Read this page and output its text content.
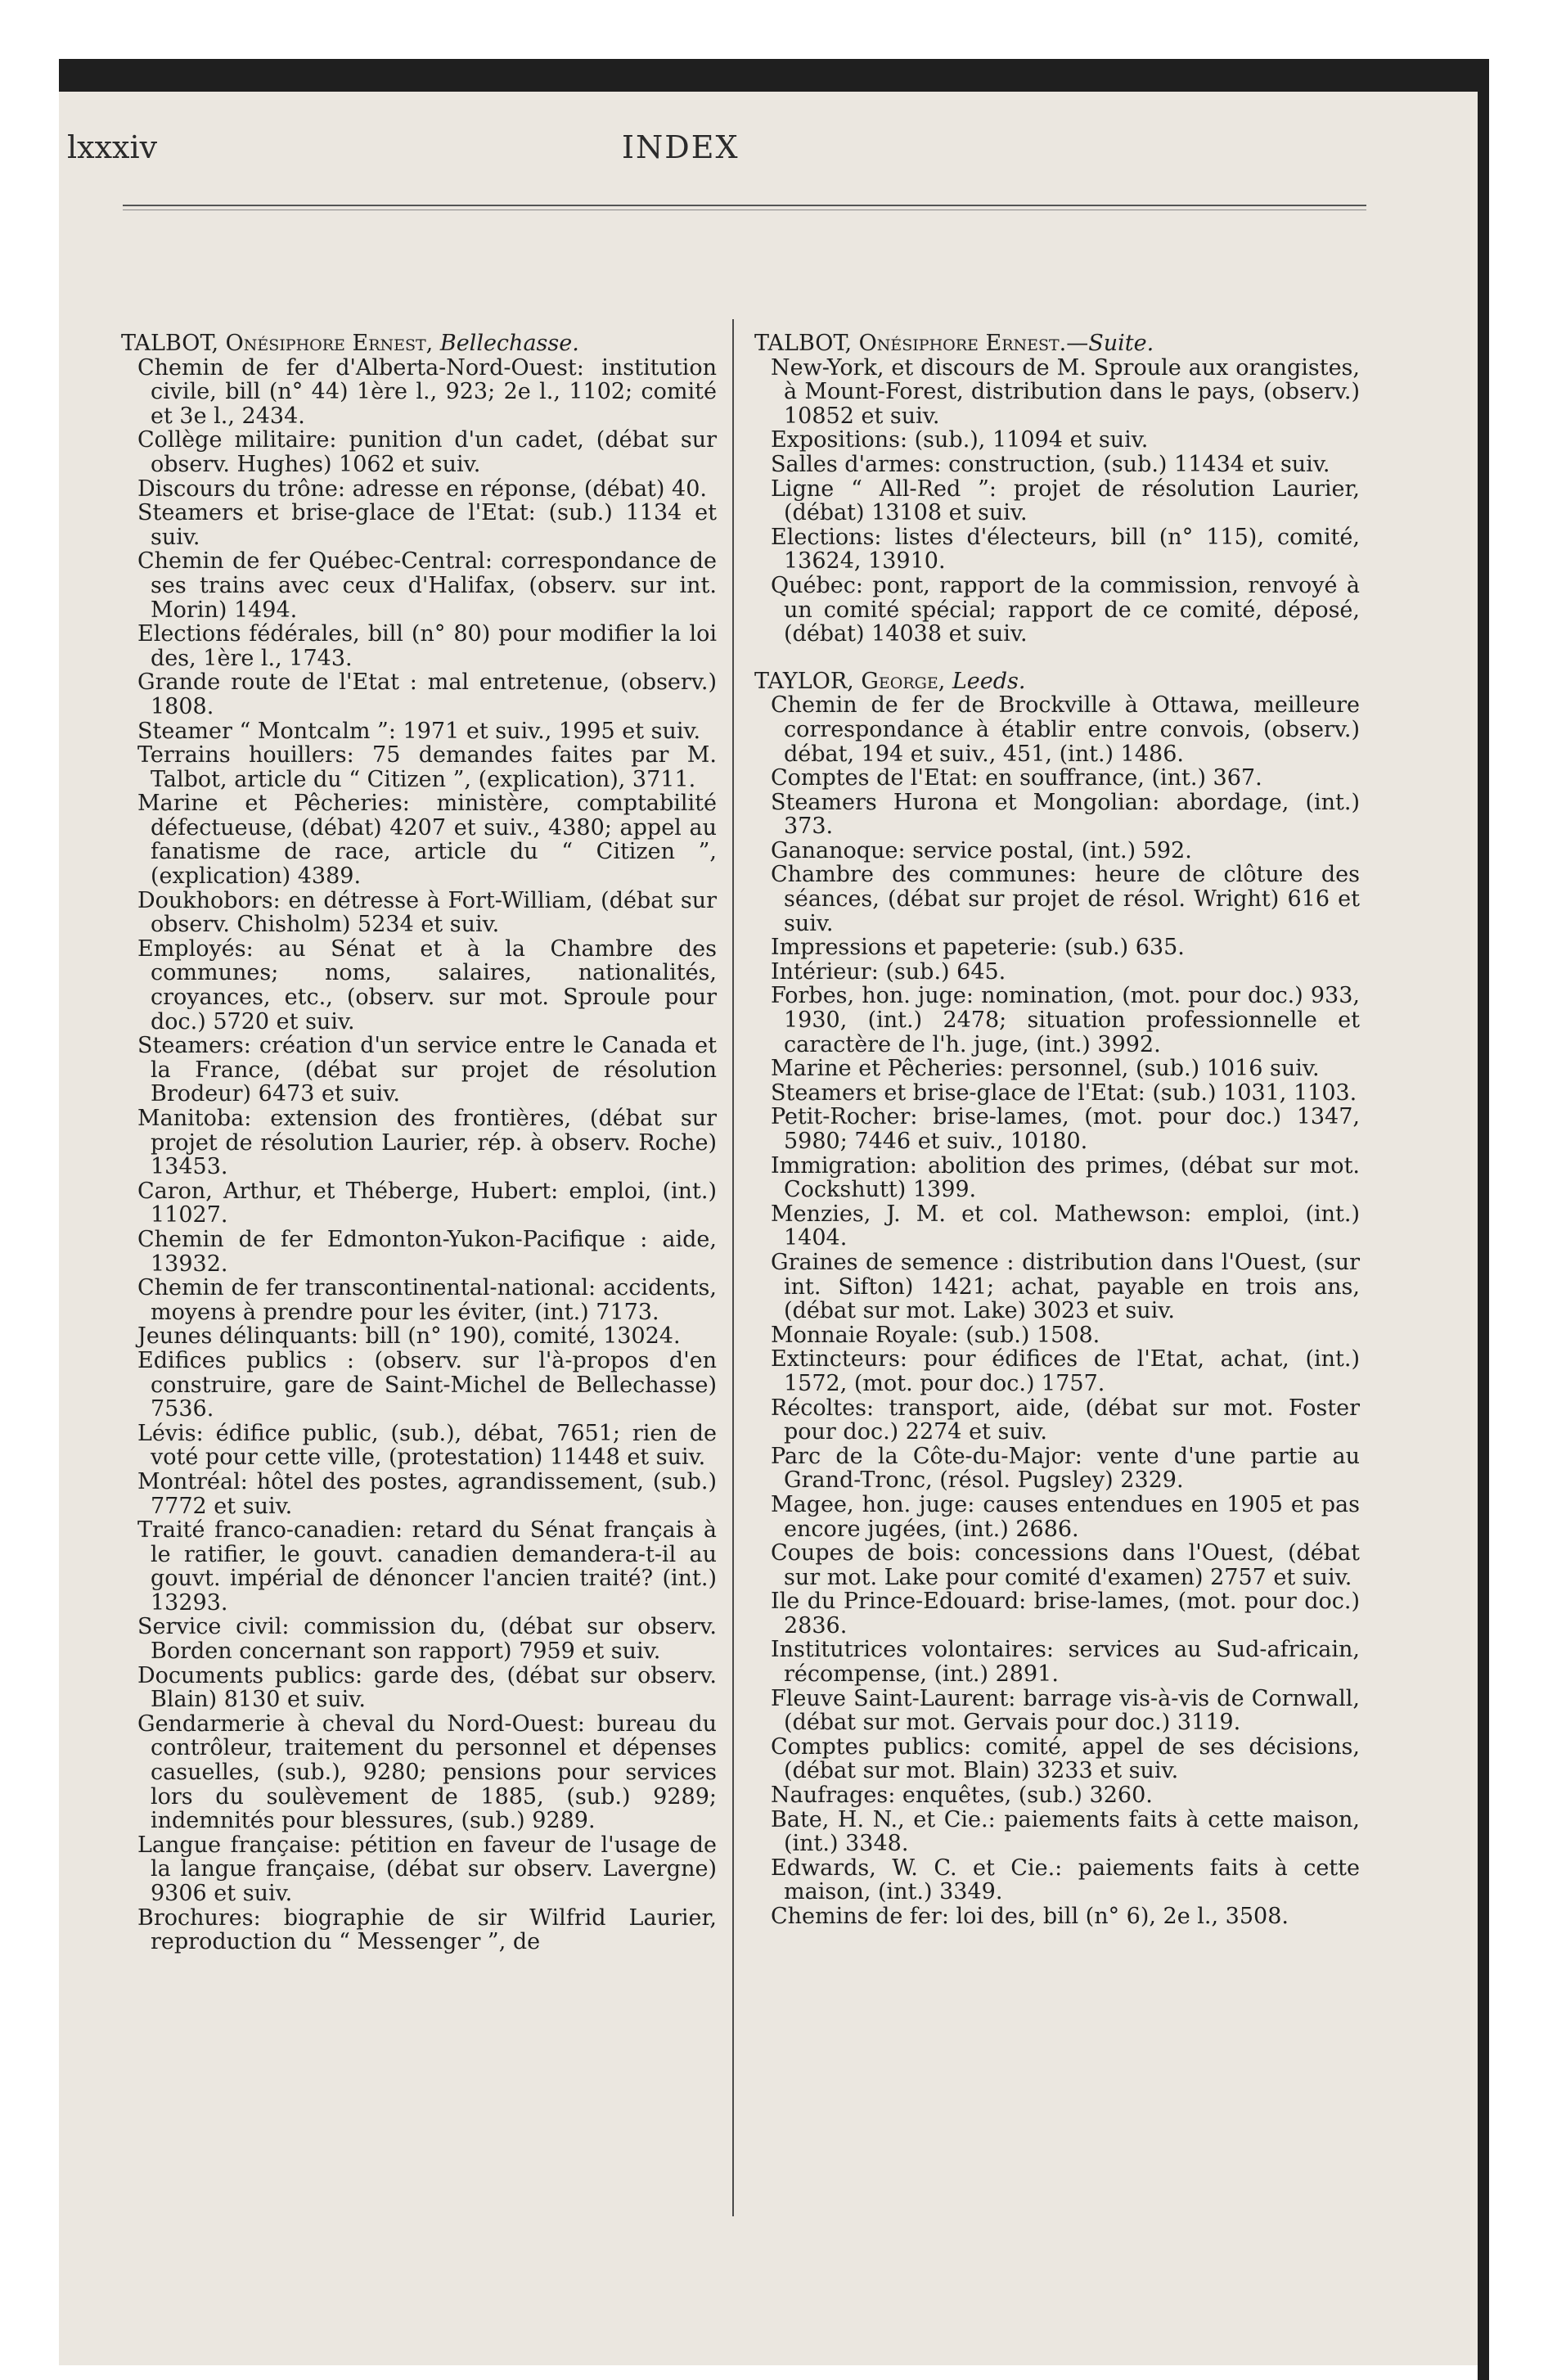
lxxxiv	INDEX

TALBOT, Onésiphore Ernest, Bellechasse.

Chemin de fer d'Alberta-Nord-Ouest: institution civile, bill (n° 44) 1ère l., 923; 2e l., 1102; comité et 3e l., 2434.

Collège militaire: punition d'un cadet, (débat sur observ. Hughes) 1062 et suiv.

Discours du trône: adresse en réponse, (débat) 40.

Steamers et brise-glace de l'Etat: (sub.) 1134 et suiv.

Chemin de fer Québec-Central: correspondance de ses trains avec ceux d'Halifax, (observ. sur int. Morin) 1494.

Elections fédérales, bill (n° 80) pour modifier la loi des, 1ère l., 1743.

Grande route de l'Etat : mal entretenue, (observ.) 1808.

Steamer “ Montcalm ”: 1971 et suiv., 1995 et suiv.

Terrains houillers: 75 demandes faites par M. Talbot, article du “ Citizen ”, (explication), 3711.

Marine et Pêcheries: ministère, comptabilité défectueuse, (débat) 4207 et suiv., 4380; appel au fanatisme de race, article du “ Citizen ”, (explication) 4389.

Doukhobors: en détresse à Fort-William, (débat sur observ. Chisholm) 5234 et suiv.

Employés: au Sénat et à la Chambre des communes; noms, salaires, nationalités, croyances, etc., (observ. sur mot. Sproule pour doc.) 5720 et suiv.

Steamers: création d'un service entre le Canada et la France, (débat sur projet de résolution Brodeur) 6473 et suiv.

Manitoba: extension des frontières, (débat sur projet de résolution Laurier, rép. à observ. Roche) 13453.

Caron, Arthur, et Théberge, Hubert: emploi, (int.) 11027.

Chemin de fer Edmonton-Yukon-Pacifique : aide, 13932.

Chemin de fer transcontinental-national: accidents, moyens à prendre pour les éviter, (int.) 7173.

Jeunes délinquants: bill (n° 190), comité, 13024.

Edifices publics : (observ. sur l'à-propos d'en construire, gare de Saint-Michel de Bellechasse) 7536.

Lévis: édifice public, (sub.), débat, 7651; rien de voté pour cette ville, (protestation) 11448 et suiv.

Montréal: hôtel des postes, agrandissement, (sub.) 7772 et suiv.

Traité franco-canadien: retard du Sénat français à le ratifier, le gouvt. canadien demandera-t-il au gouvt. impérial de dénoncer l'ancien traité? (int.) 13293.

Service civil: commission du, (débat sur observ. Borden concernant son rapport) 7959 et suiv.

Documents publics: garde des, (débat sur observ. Blain) 8130 et suiv.

Gendarmerie à cheval du Nord-Ouest: bureau du contrôleur, traitement du personnel et dépenses casuelles, (sub.), 9280; pensions pour services lors du soulèvement de 1885, (sub.) 9289; indemnités pour blessures, (sub.) 9289.

Langue française: pétition en faveur de l'usage de la langue française, (débat sur observ. Lavergne) 9306 et suiv.

Brochures: biographie de sir Wilfrid Laurier, reproduction du “ Messenger ”, de

TALBOT, Onésiphore Ernest.—Suite.

New-York, et discours de M. Sproule aux orangistes, à Mount-Forest, distribution dans le pays, (observ.) 10852 et suiv.

Expositions: (sub.), 11094 et suiv.

Salles d'armes: construction, (sub.) 11434 et suiv.

Ligne “ All-Red ”: projet de résolution Laurier, (débat) 13108 et suiv.

Elections: listes d'électeurs, bill (n° 115), comité, 13624, 13910.

Québec: pont, rapport de la commission, renvoyé à un comité spécial; rapport de ce comité, déposé, (débat) 14038 et suiv.

TAYLOR, George, Leeds.

Chemin de fer de Brockville à Ottawa, meilleure correspondance à établir entre convois, (observ.) débat, 194 et suiv., 451, (int.) 1486.

Comptes de l'Etat: en souffrance, (int.) 367.

Steamers Hurona et Mongolian: abordage, (int.) 373.

Gananoque: service postal, (int.) 592.

Chambre des communes: heure de clôture des séances, (débat sur projet de résol. Wright) 616 et suiv.

Impressions et papeterie: (sub.) 635.

Intérieur: (sub.) 645.

Forbes, hon. juge: nomination, (mot. pour doc.) 933, 1930, (int.) 2478; situation professionnelle et caractère de l'h. juge, (int.) 3992.

Marine et Pêcheries: personnel, (sub.) 1016 suiv.

Steamers et brise-glace de l'Etat: (sub.) 1031, 1103.

Petit-Rocher: brise-lames, (mot. pour doc.) 1347, 5980; 7446 et suiv., 10180.

Immigration: abolition des primes, (débat sur mot. Cockshutt) 1399.

Menzies, J. M. et col. Mathewson: emploi, (int.) 1404.

Graines de semence : distribution dans l'Ouest, (sur int. Sifton) 1421; achat, payable en trois ans, (débat sur mot. Lake) 3023 et suiv.

Monnaie Royale: (sub.) 1508.

Extincteurs: pour édifices de l'Etat, achat, (int.) 1572, (mot. pour doc.) 1757.

Récoltes: transport, aide, (débat sur mot. Foster pour doc.) 2274 et suiv.

Parc de la Côte-du-Major: vente d'une partie au Grand-Tronc, (résol. Pugsley) 2329.

Magee, hon. juge: causes entendues en 1905 et pas encore jugées, (int.) 2686.

Coupes de bois: concessions dans l'Ouest, (débat sur mot. Lake pour comité d'examen) 2757 et suiv.

Ile du Prince-Edouard: brise-lames, (mot. pour doc.) 2836.

Institutrices volontaires: services au Sud-africain, récompense, (int.) 2891.

Fleuve Saint-Laurent: barrage vis-à-vis de Cornwall, (débat sur mot. Gervais pour doc.) 3119.

Comptes publics: comité, appel de ses décisions, (débat sur mot. Blain) 3233 et suiv.

Naufrages: enquêtes, (sub.) 3260.

Bate, H. N., et Cie.: paiements faits à cette maison, (int.) 3348.

Edwards, W. C. et Cie.: paiements faits à cette maison, (int.) 3349.

Chemins de fer: loi des, bill (n° 6), 2e l., 3508.
